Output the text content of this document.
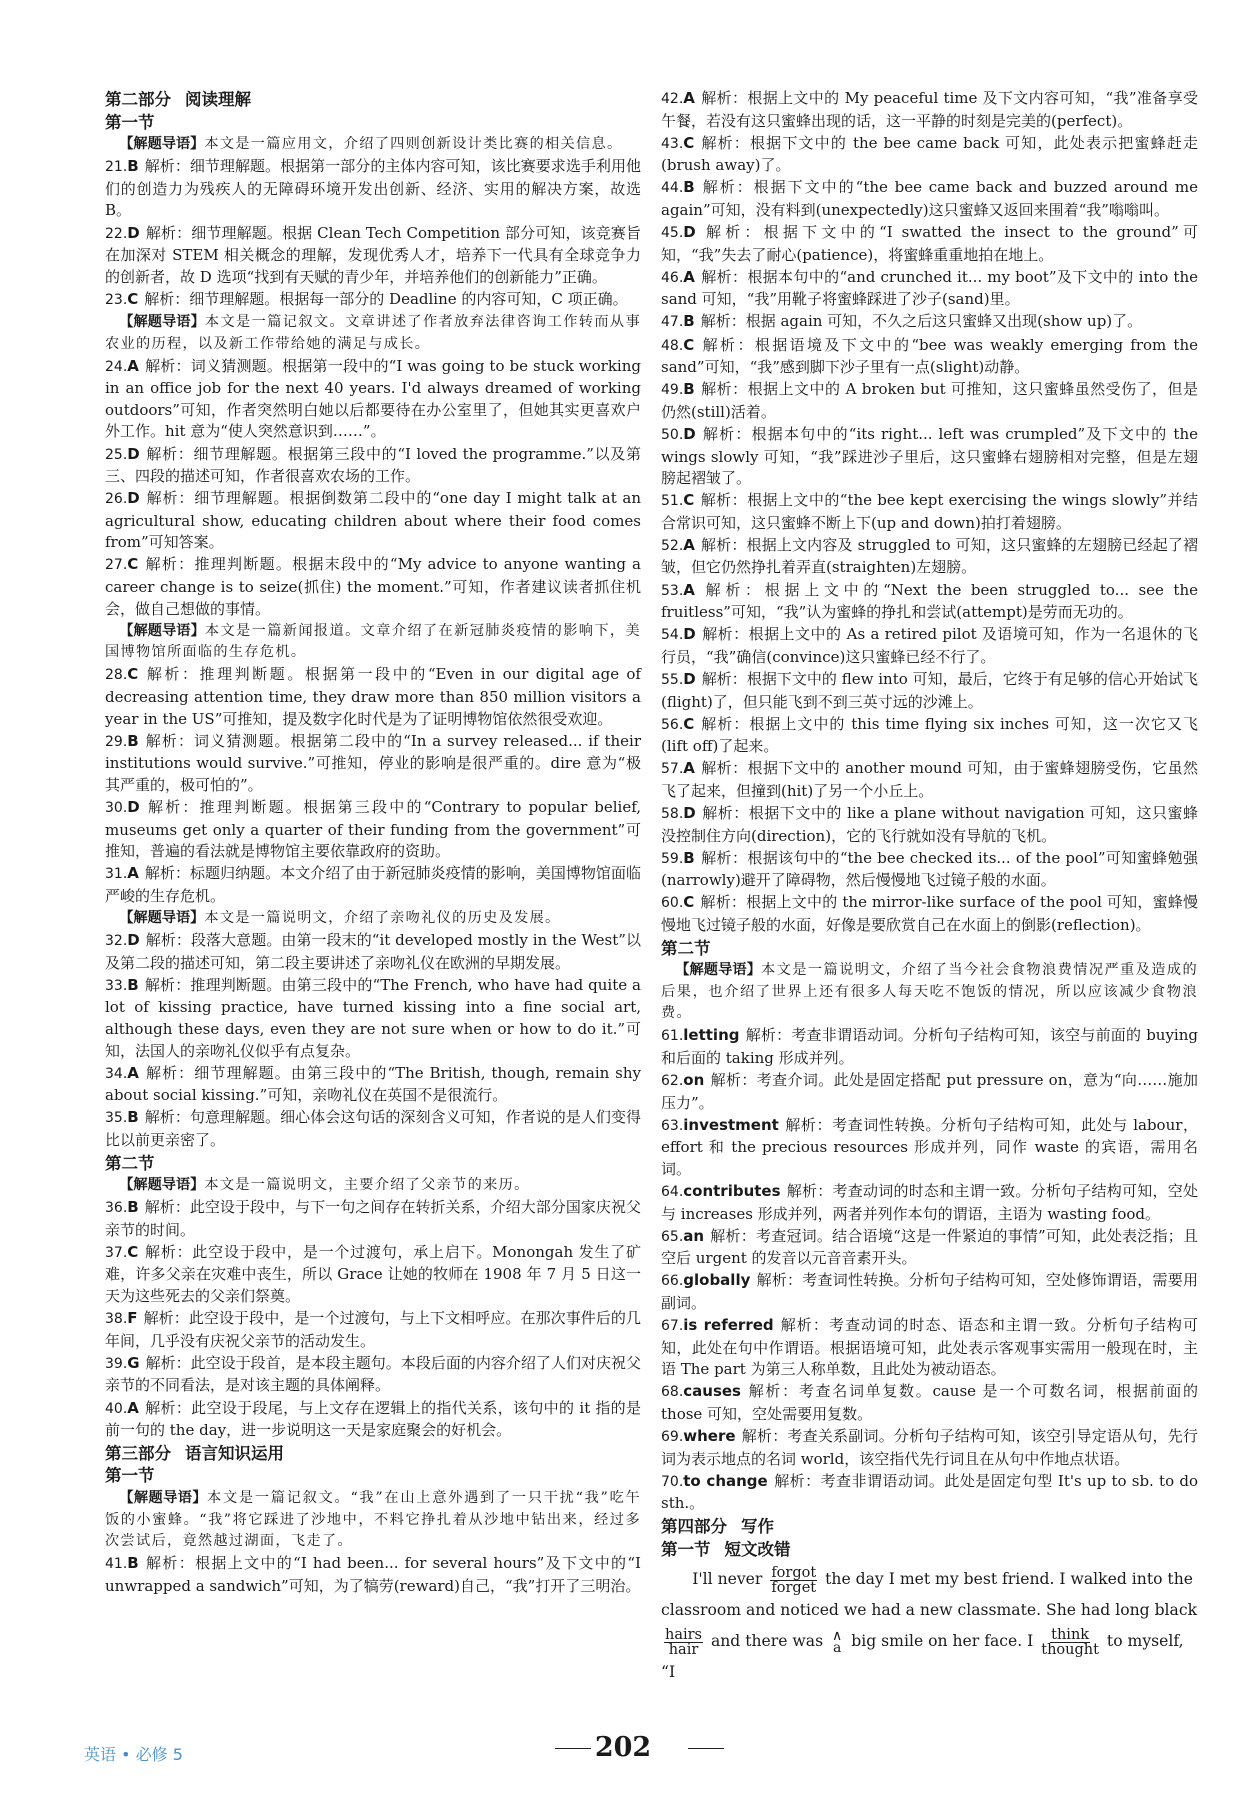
第二部分 阅读理解
第一节

【解题导语】本文是一篇应用文，介绍了四则创新设计类比赛的相关信息。

21.B 解析：细节理解题。根据第一部分的主体内容可知，该比赛要求选手利用他们的创造力为残疾人的无障碍环境开发出创新、经济、实用的解决方案，故选 B。

22.D 解析：细节理解题。根据 Clean Tech Competition 部分可知，该竞赛旨在加深对 STEM 相关概念的理解，发现优秀人才，培养下一代具有全球竞争力的创新者，故 D 选项“找到有天赋的青少年，并培养他们的创新能力”正确。

23.C 解析：细节理解题。根据每一部分的 Deadline 的内容可知，C 项正确。

【解题导语】本文是一篇记叙文。文章讲述了作者放弃法律咨询工作转而从事农业的历程，以及新工作带给她的满足与成长。

24.A 解析：词义猜测题。根据第一段中的“I was going to be stuck working in an office job for the next 40 years. I'd always dreamed of working outdoors”可知，作者突然明白她以后都要待在办公室里了，但她其实更喜欢户外工作。hit 意为“使人突然意识到……”。

25.D 解析：细节理解题。根据第三段中的“I loved the programme.”以及第三、四段的描述可知，作者很喜欢农场的工作。

26.D 解析：细节理解题。根据倒数第二段中的“one day I might talk at an agricultural show, educating children about where their food comes from”可知答案。

27.C 解析：推理判断题。根据末段中的“My advice to anyone wanting a career change is to seize(抓住) the moment.”可知，作者建议读者抓住机会，做自己想做的事情。

【解题导语】本文是一篇新闻报道。文章介绍了在新冠肺炎疫情的影响下，美国博物馆所面临的生存危机。

28.C 解析：推理判断题。根据第一段中的“Even in our digital age of decreasing attention time, they draw more than 850 million visitors a year in the US”可推知，提及数字化时代是为了证明博物馆依然很受欢迎。

29.B 解析：词义猜测题。根据第二段中的“In a survey released... if their institutions would survive.”可推知，停业的影响是很严重的。dire 意为“极其严重的，极可怕的”。

30.D 解析：推理判断题。根据第三段中的“Contrary to popular belief, museums get only a quarter of their funding from the government”可推知，普遍的看法就是博物馆主要依靠政府的资助。

31.A 解析：标题归纳题。本文介绍了由于新冠肺炎疫情的影响，美国博物馆面临严峻的生存危机。

【解题导语】本文是一篇说明文，介绍了亲吻礼仪的历史及发展。

32.D 解析：段落大意题。由第一段末的“it developed mostly in the West”以及第二段的描述可知，第二段主要讲述了亲吻礼仪在欧洲的早期发展。

33.B 解析：推理判断题。由第三段中的“The French, who have had quite a lot of kissing practice, have turned kissing into a fine social art, although these days, even they are not sure when or how to do it.”可知，法国人的亲吻礼仪似乎有点复杂。

34.A 解析：细节理解题。由第三段中的“The British, though, remain shy about social kissing.”可知，亲吻礼仪在英国不是很流行。

35.B 解析：句意理解题。细心体会这句话的深刻含义可知，作者说的是人们变得比以前更亲密了。

第二节

【解题导语】本文是一篇说明文，主要介绍了父亲节的来历。

36.B 解析：此空设于段中，与下一句之间存在转折关系，介绍大部分国家庆祝父亲节的时间。

37.C 解析：此空设于段中，是一个过渡句，承上启下。Monongah 发生了矿难，许多父亲在灾难中丧生，所以 Grace 让她的牧师在 1908 年 7 月 5 日这一天为这些死去的父亲们祭奠。

38.F 解析：此空设于段中，是一个过渡句，与上下文相呼应。在那次事件后的几年间，几乎没有庆祝父亲节的活动发生。

39.G 解析：此空设于段首，是本段主题句。本段后面的内容介绍了人们对庆祝父亲节的不同看法，是对该主题的具体阐释。

40.A 解析：此空设于段尾，与上文存在逻辑上的指代关系，该句中的 it 指的是前一句的 the day，进一步说明这一天是家庭聚会的好机会。

第三部分 语言知识运用
第一节

【解题导语】本文是一篇记叙文。“我”在山上意外遇到了一只干扰“我”吃午饭的小蜜蜂。“我”将它踩进了沙地中，不料它挣扎着从沙地中钻出来，经过多次尝试后，竟然越过湖面，飞走了。

41.B 解析：根据上文中的“I had been... for several hours”及下文中的“I unwrapped a sandwich”可知，为了犒劳(reward)自己，“我”打开了三明治。

42.A 解析：根据上文中的 My peaceful time 及下文内容可知，“我”准备享受午餐，若没有这只蜜蜂出现的话，这一平静的时刻是完美的(perfect)。

43.C 解析：根据下文中的 the bee came back 可知，此处表示把蜜蜂赶走(brush away)了。

44.B 解析：根据下文中的“the bee came back and buzzed around me again”可知，没有料到(unexpectedly)这只蜜蜂又返回来围着“我”嗡嗡叫。

45.D 解析：根据下文中的“I swatted the insect to the ground”可知，“我”失去了耐心(patience)，将蜜蜂重重地拍在地上。

46.A 解析：根据本句中的“and crunched it... my boot”及下文中的 into the sand 可知，“我”用靴子将蜜蜂踩进了沙子(sand)里。

47.B 解析：根据 again 可知，不久之后这只蜜蜂又出现(show up)了。

48.C 解析：根据语境及下文中的“bee was weakly emerging from the sand”可知，“我”感到脚下沙子里有一点(slight)动静。

49.B 解析：根据上文中的 A broken but 可推知，这只蜜蜂虽然受伤了，但是仍然(still)活着。

50.D 解析：根据本句中的“its right... left was crumpled”及下文中的 the wings slowly 可知，“我”踩进沙子里后，这只蜜蜂右翅膀相对完整，但是左翅膀起褶皱了。

51.C 解析：根据上文中的“the bee kept exercising the wings slowly”并结合常识可知，这只蜜蜂不断上下(up and down)拍打着翅膀。

52.A 解析：根据上文内容及 struggled to 可知，这只蜜蜂的左翅膀已经起了褶皱，但它仍然挣扎着弄直(straighten)左翅膀。

53.A 解析：根据上文中的“Next the been struggled to... see the fruitless”可知，“我”认为蜜蜂的挣扎和尝试(attempt)是劳而无功的。

54.D 解析：根据上文中的 As a retired pilot 及语境可知，作为一名退休的飞行员，“我”确信(convince)这只蜜蜂已经不行了。

55.D 解析：根据下文中的 flew into 可知，最后，它终于有足够的信心开始试飞(flight)了，但只能飞到不到三英寸远的沙滩上。

56.C 解析：根据上文中的 this time flying six inches 可知，这一次它又飞(lift off)了起来。

57.A 解析：根据下文中的 another mound 可知，由于蜜蜂翅膀受伤，它虽然飞了起来，但撞到(hit)了另一个小丘上。

58.D 解析：根据下文中的 like a plane without navigation 可知，这只蜜蜂没控制住方向(direction)，它的飞行就如没有导航的飞机。

59.B 解析：根据该句中的“the bee checked its... of the pool”可知蜜蜂勉强(narrowly)避开了障碍物，然后慢慢地飞过镜子般的水面。

60.C 解析：根据上文中的 the mirror-like surface of the pool 可知，蜜蜂慢慢地飞过镜子般的水面，好像是要欣赏自己在水面上的倒影(reflection)。

第二节

【解题导语】本文是一篇说明文，介绍了当今社会食物浪费情况严重及造成的后果，也介绍了世界上还有很多人每天吃不饱饭的情况，所以应该减少食物浪费。

61.letting 解析：考查非谓语动词。分析句子结构可知，该空与前面的 buying 和后面的 taking 形成并列。

62.on 解析：考查介词。此处是固定搭配 put pressure on，意为“向……施加压力”。

63.investment 解析：考查词性转换。分析句子结构可知，此处与 labour，effort 和 the precious resources 形成并列，同作 waste 的宾语，需用名词。

64.contributes 解析：考查动词的时态和主谓一致。分析句子结构可知，空处与 increases 形成并列，两者并列作本句的谓语，主语为 wasting food。

65.an 解析：考查冠词。结合语境“这是一件紧迫的事情”可知，此处表泛指；且空后 urgent 的发音以元音音素开头。

66.globally 解析：考查词性转换。分析句子结构可知，空处修饰谓语，需要用副词。

67.is referred 解析：考查动词的时态、语态和主谓一致。分析句子结构可知，此处在句中作谓语。根据语境可知，此处表示客观事实需用一般现在时，主语 The part 为第三人称单数，且此处为被动语态。

68.causes 解析：考查名词单复数。cause 是一个可数名词，根据前面的 those 可知，空处需要用复数。

69.where 解析：考查关系副词。分析句子结构可知，该空引导定语从句，先行词为表示地点的名词 world，该空指代先行词且在从句中作地点状语。

70.to change 解析：考查非谓语动词。此处是固定句型 It's up to sb. to do sth.。

第四部分 写作
第一节 短文改错

  I'll never forgot
forget the day I met my best friend. I walked into the classroom and noticed we had a new classmate. She had long black

hairs
hair and there was ∧
a big smile on her face. I think
thought to myself, “I

英语 • 必修 5	202
